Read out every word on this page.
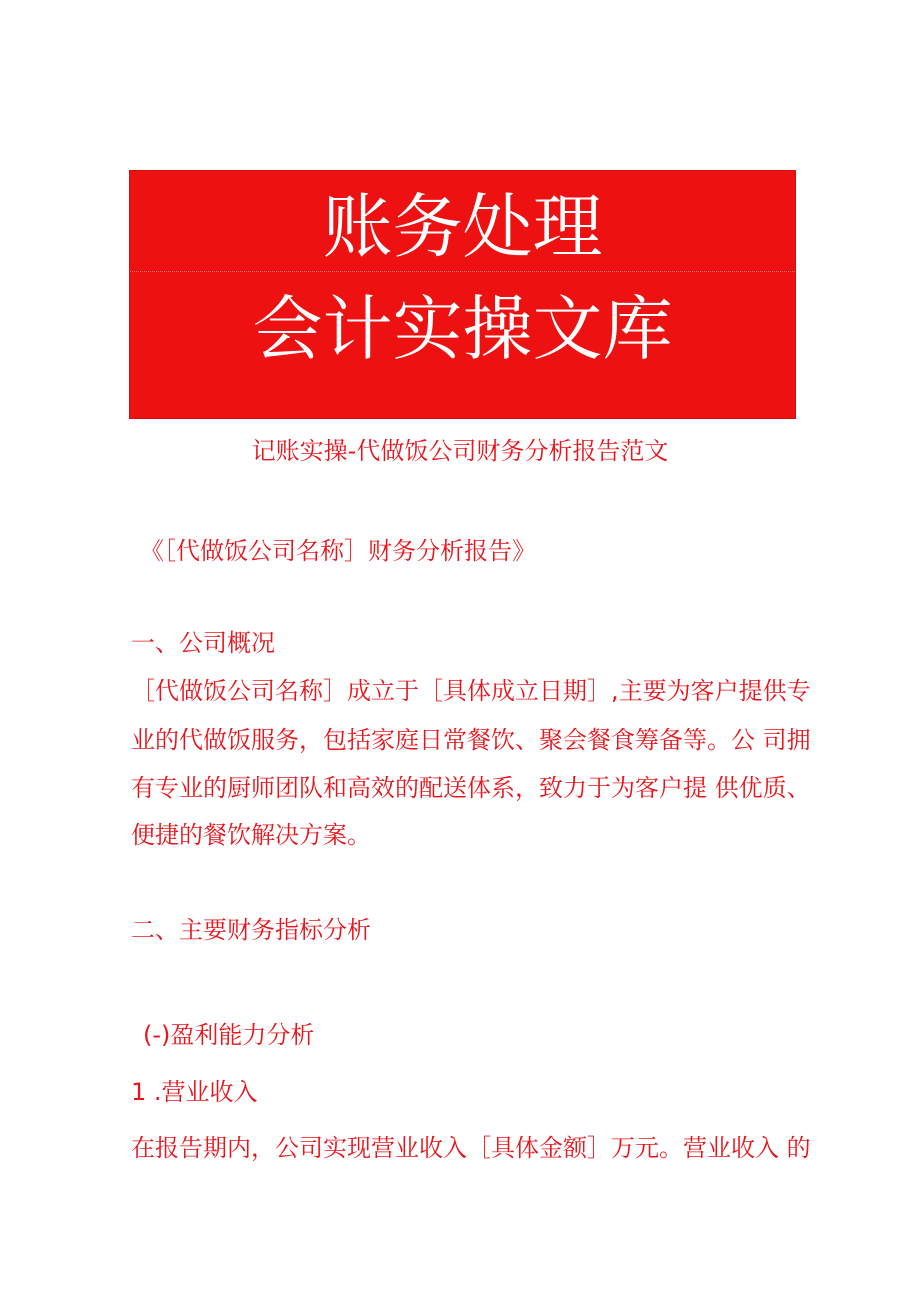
账务处理
会计实操文库
记账实操-代做饭公司财务分析报告范文
《［代做饭公司名称］财务分析报告》
一、公司概况
［代做饭公司名称］成立于［具体成立日期］,主要为客户提供专
业的代做饭服务，包括家庭日常餐饮、聚会餐食筹备等。公 司拥
有专业的厨师团队和高效的配送体系，致力于为客户提 供优质、
便捷的餐饮解决方案。
二、主要财务指标分析
(-)盈利能力分析
1 .营业收入
在报告期内，公司实现营业收入［具体金额］万元。营业收入 的
